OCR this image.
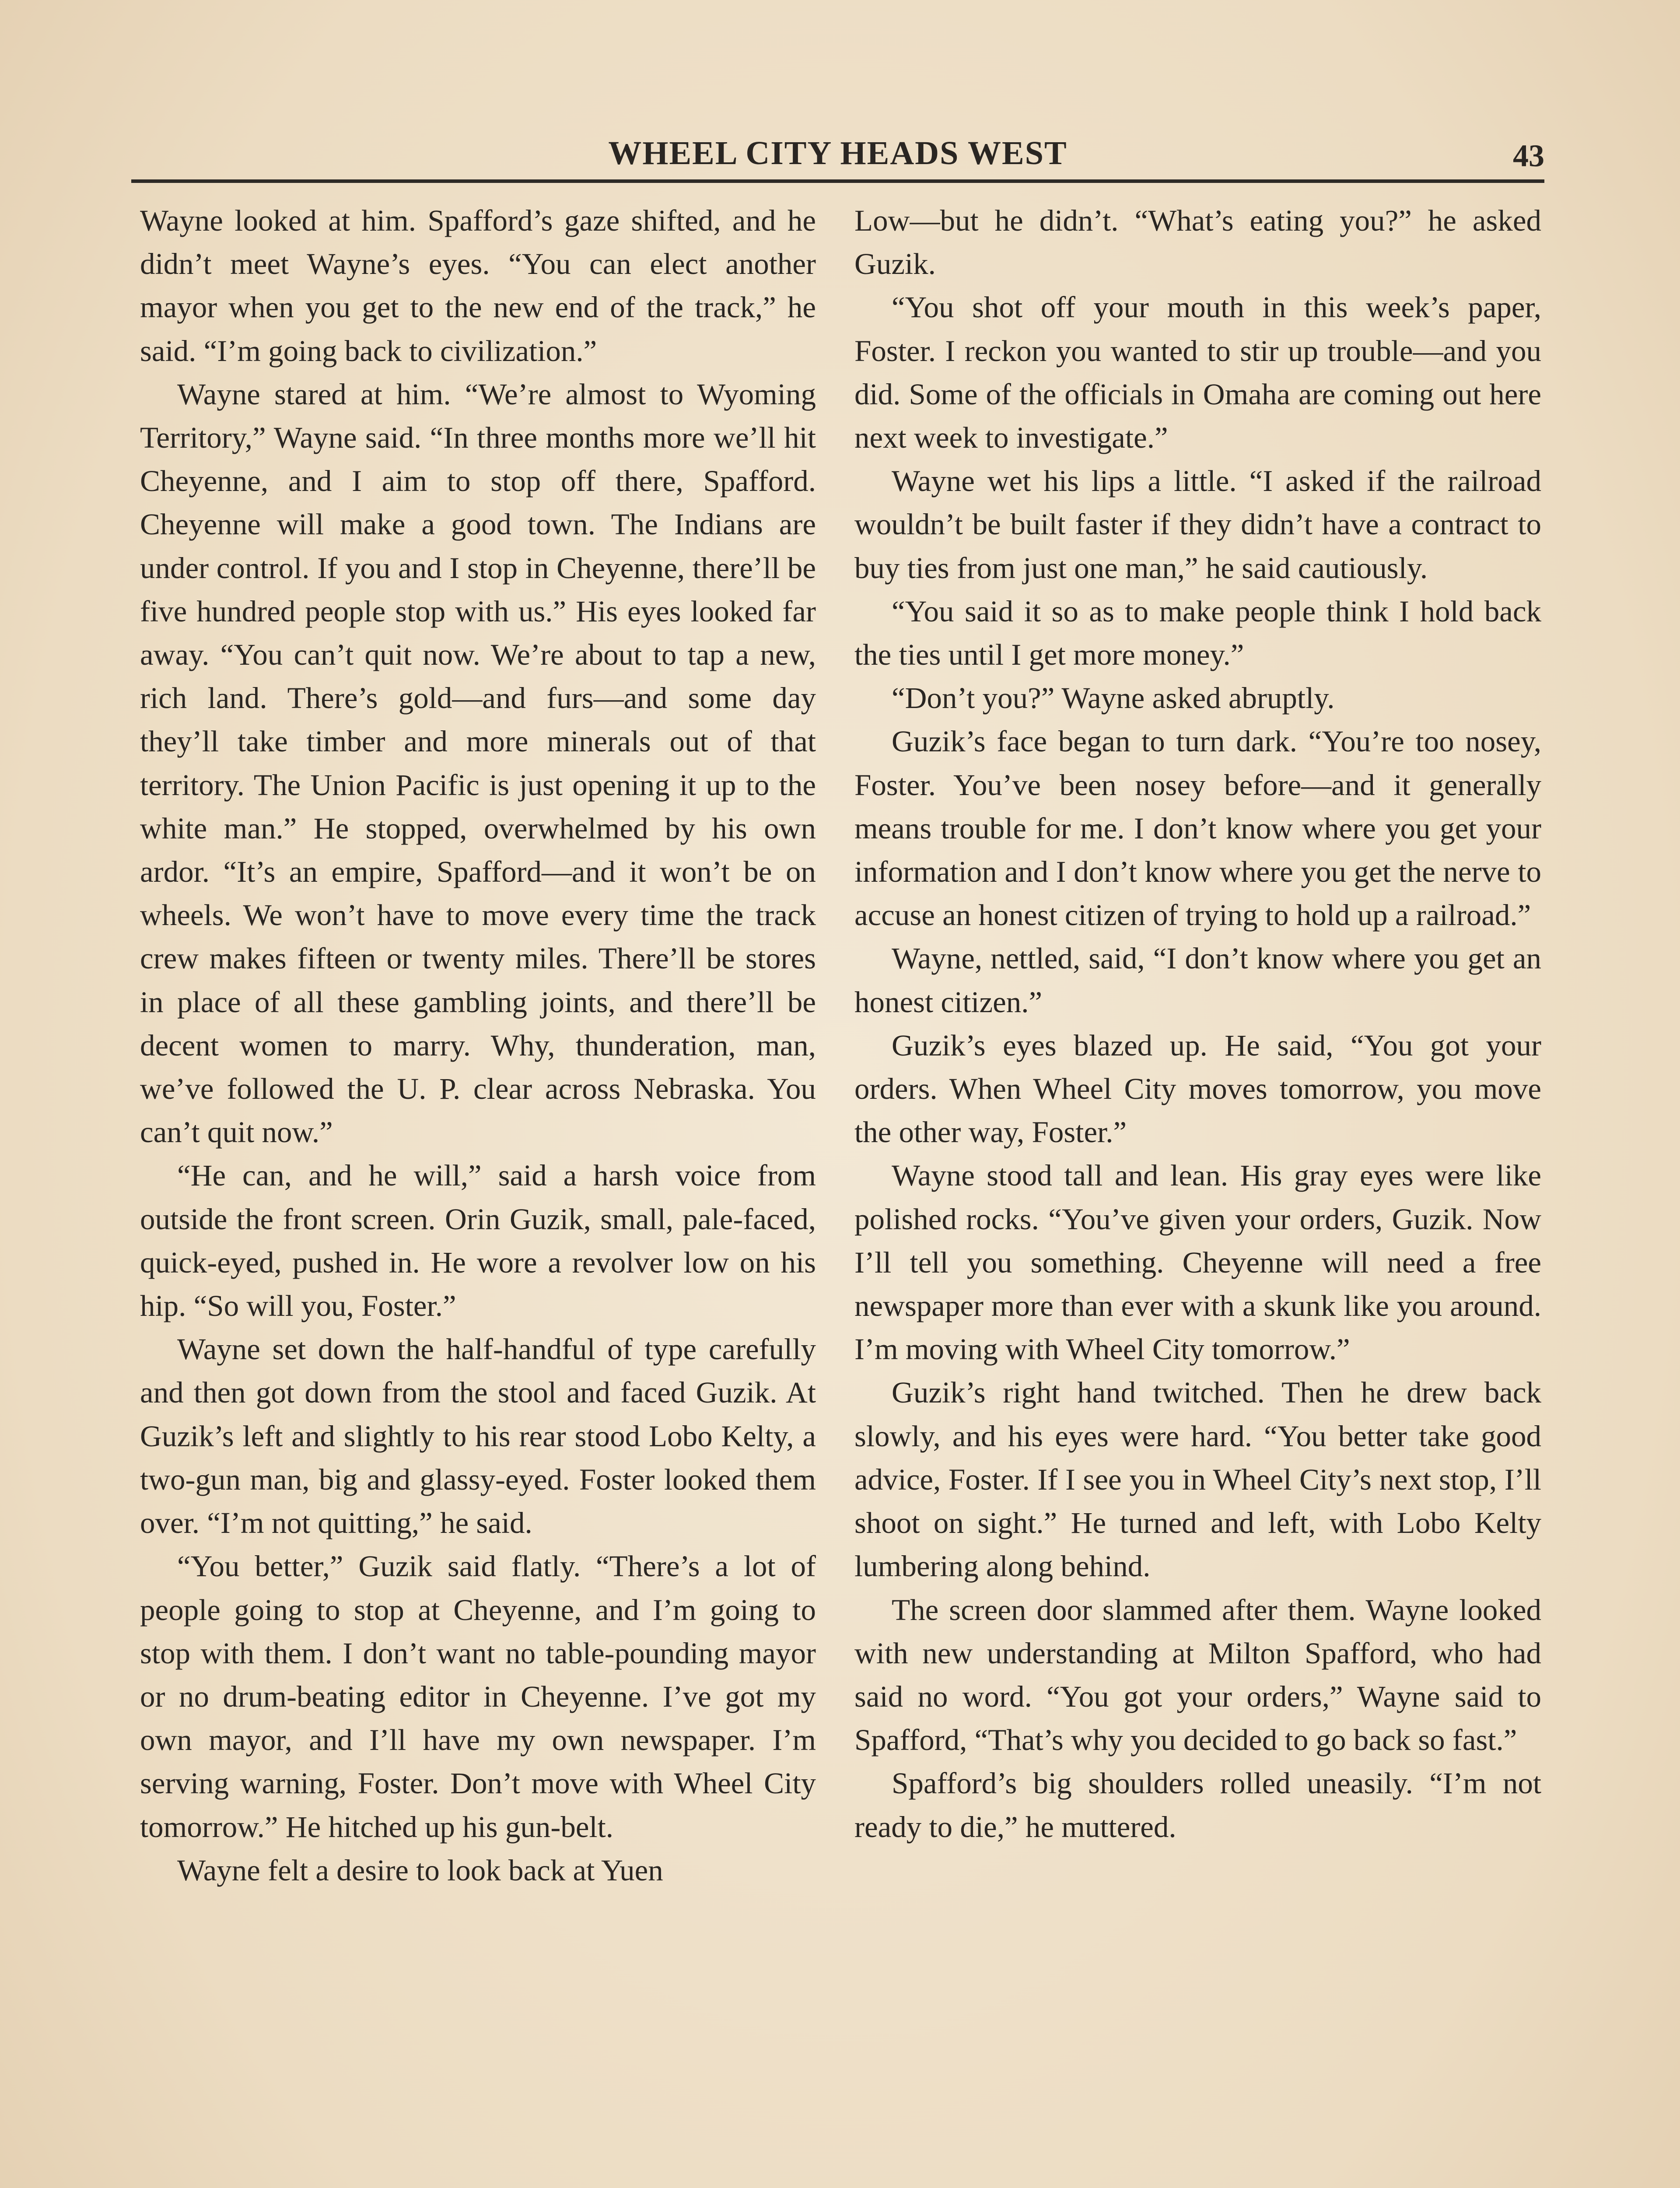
WHEEL CITY HEADS WEST	43

Wayne looked at him. Spafford’s gaze shifted, and he didn’t meet Wayne’s eyes. “You can elect another mayor when you get to the new end of the track,” he said. “I’m going back to civilization.”

Wayne stared at him. “We’re almost to Wyoming Territory,” Wayne said. “In three months more we’ll hit Cheyenne, and I aim to stop off there, Spafford. Cheyenne will make a good town. The Indians are under control. If you and I stop in Cheyenne, there’ll be five hundred people stop with us.” His eyes looked far away. “You can’t quit now. We’re about to tap a new, rich land. There’s gold—and furs—and some day they’ll take timber and more minerals out of that territory. The Union Pacific is just opening it up to the white man.” He stopped, overwhelmed by his own ardor. “It’s an empire, Spafford—and it won’t be on wheels. We won’t have to move every time the track crew makes fifteen or twenty miles. There’ll be stores in place of all these gambling joints, and there’ll be decent women to marry. Why, thunderation, man, we’ve followed the U. P. clear across Nebraska. You can’t quit now.”

“He can, and he will,” said a harsh voice from outside the front screen. Orin Guzik, small, pale-faced, quick-eyed, pushed in. He wore a revolver low on his hip. “So will you, Foster.”

Wayne set down the half-handful of type carefully and then got down from the stool and faced Guzik. At Guzik’s left and slightly to his rear stood Lobo Kelty, a two-gun man, big and glassy-eyed. Foster looked them over. “I’m not quitting,” he said.

“You better,” Guzik said flatly. “There’s a lot of people going to stop at Cheyenne, and I’m going to stop with them. I don’t want no table-pounding mayor or no drum-beating editor in Cheyenne. I’ve got my own mayor, and I’ll have my own newspaper. I’m serving warning, Foster. Don’t move with Wheel City tomorrow.” He hitched up his gun-belt.

Wayne felt a desire to look back at Yuen

Low—but he didn’t. “What’s eating you?” he asked Guzik.

“You shot off your mouth in this week’s paper, Foster. I reckon you wanted to stir up trouble—and you did. Some of the officials in Omaha are coming out here next week to investigate.”

Wayne wet his lips a little. “I asked if the railroad wouldn’t be built faster if they didn’t have a contract to buy ties from just one man,” he said cautiously.

“You said it so as to make people think I hold back the ties until I get more money.”

“Don’t you?” Wayne asked abruptly.

Guzik’s face began to turn dark. “You’re too nosey, Foster. You’ve been nosey before—and it generally means trouble for me. I don’t know where you get your information and I don’t know where you get the nerve to accuse an honest citizen of trying to hold up a railroad.”

Wayne, nettled, said, “I don’t know where you get an honest citizen.”

Guzik’s eyes blazed up. He said, “You got your orders. When Wheel City moves tomorrow, you move the other way, Foster.”

Wayne stood tall and lean. His gray eyes were like polished rocks. “You’ve given your orders, Guzik. Now I’ll tell you something. Cheyenne will need a free newspaper more than ever with a skunk like you around. I’m moving with Wheel City tomorrow.”

Guzik’s right hand twitched. Then he drew back slowly, and his eyes were hard. “You better take good advice, Foster. If I see you in Wheel City’s next stop, I’ll shoot on sight.” He turned and left, with Lobo Kelty lumbering along behind.

The screen door slammed after them. Wayne looked with new understanding at Milton Spafford, who had said no word. “You got your orders,” Wayne said to Spafford, “That’s why you decided to go back so fast.”

Spafford’s big shoulders rolled uneasily. “I’m not ready to die,” he muttered.
